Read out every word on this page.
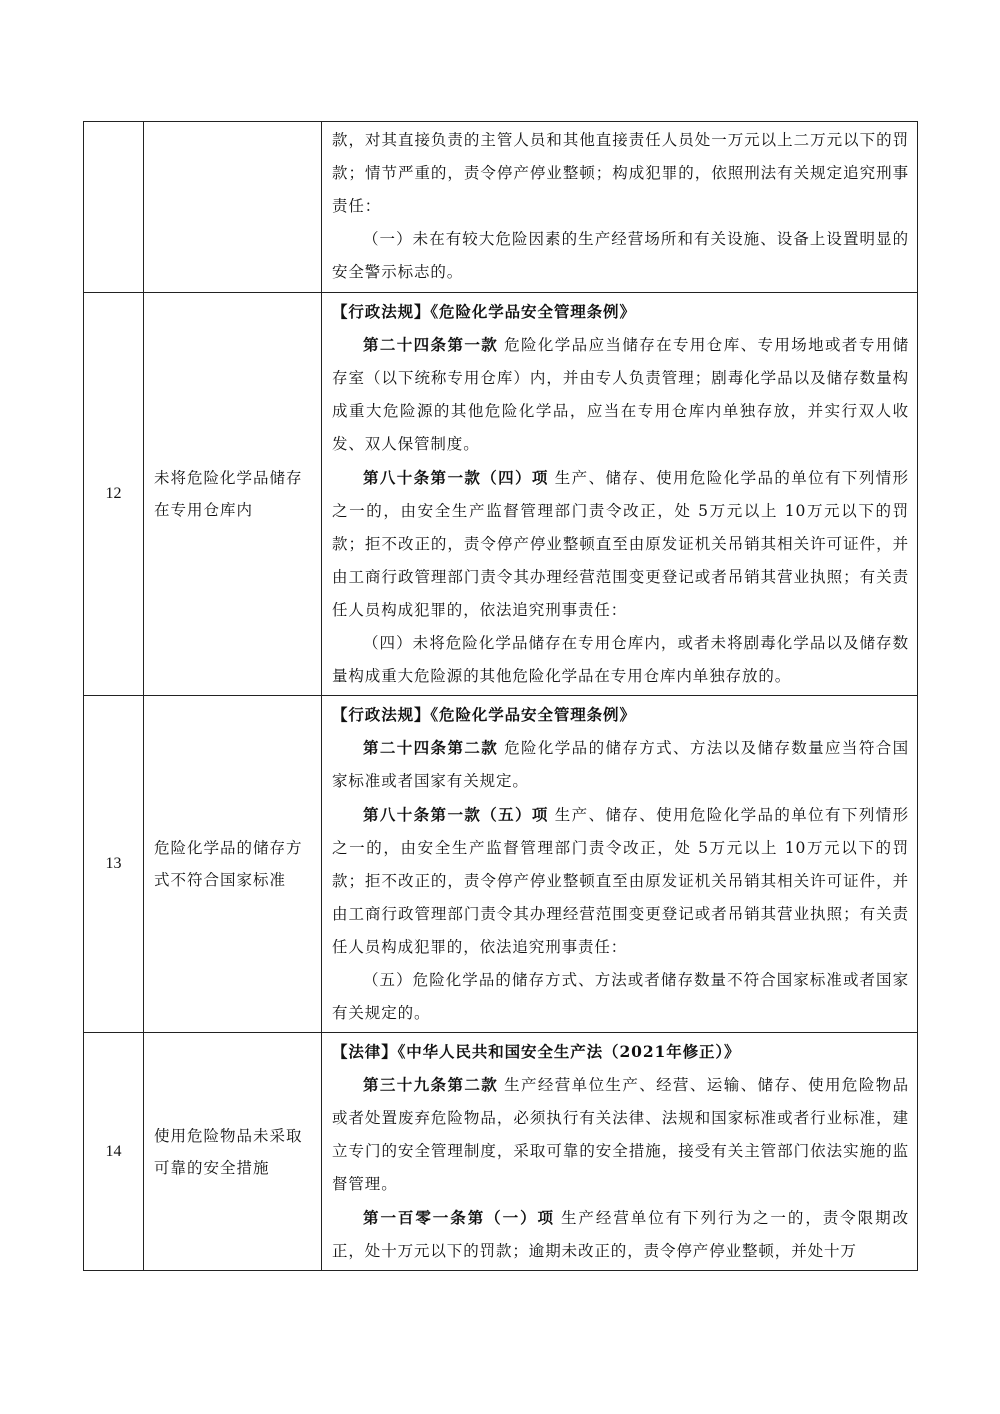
		款，对其直接负责的主管人员和其他直接责任人员处一万元以上二万元以下的罚款；情节严重的，责令停产停业整顿；构成犯罪的，依照刑法有关规定追究刑事责任：

（一）未在有较大危险因素的生产经营场所和有关设施、设备上设置明显的安全警示标志的。

12	未将危险化学品储存在专用仓库内	【行政法规】《危险化学品安全管理条例》

第二十四条第一款 危险化学品应当储存在专用仓库、专用场地或者专用储存室（以下统称专用仓库）内，并由专人负责管理；剧毒化学品以及储存数量构成重大危险源的其他危险化学品，应当在专用仓库内单独存放，并实行双人收发、双人保管制度。

第八十条第一款（四）项 生产、储存、使用危险化学品的单位有下列情形之一的，由安全生产监督管理部门责令改正，处 5万元以上 10万元以下的罚款；拒不改正的，责令停产停业整顿直至由原发证机关吊销其相关许可证件，并由工商行政管理部门责令其办理经营范围变更登记或者吊销其营业执照；有关责任人员构成犯罪的，依法追究刑事责任：

（四）未将危险化学品储存在专用仓库内，或者未将剧毒化学品以及储存数量构成重大危险源的其他危险化学品在专用仓库内单独存放的。

13	危险化学品的储存方式不符合国家标准	【行政法规】《危险化学品安全管理条例》

第二十四条第二款 危险化学品的储存方式、方法以及储存数量应当符合国家标准或者国家有关规定。

第八十条第一款（五）项 生产、储存、使用危险化学品的单位有下列情形之一的，由安全生产监督管理部门责令改正，处 5万元以上 10万元以下的罚款；拒不改正的，责令停产停业整顿直至由原发证机关吊销其相关许可证件，并由工商行政管理部门责令其办理经营范围变更登记或者吊销其营业执照；有关责任人员构成犯罪的，依法追究刑事责任：

（五）危险化学品的储存方式、方法或者储存数量不符合国家标准或者国家有关规定的。

14	使用危险物品未采取可靠的安全措施	【法律】《中华人民共和国安全生产法（2021年修正）》

第三十九条第二款 生产经营单位生产、经营、运输、储存、使用危险物品或者处置废弃危险物品，必须执行有关法律、法规和国家标准或者行业标准，建立专门的安全管理制度，采取可靠的安全措施，接受有关主管部门依法实施的监督管理。

第一百零一条第（一）项 生产经营单位有下列行为之一的，责令限期改正，处十万元以下的罚款；逾期未改正的，责令停产停业整顿，并处十万
